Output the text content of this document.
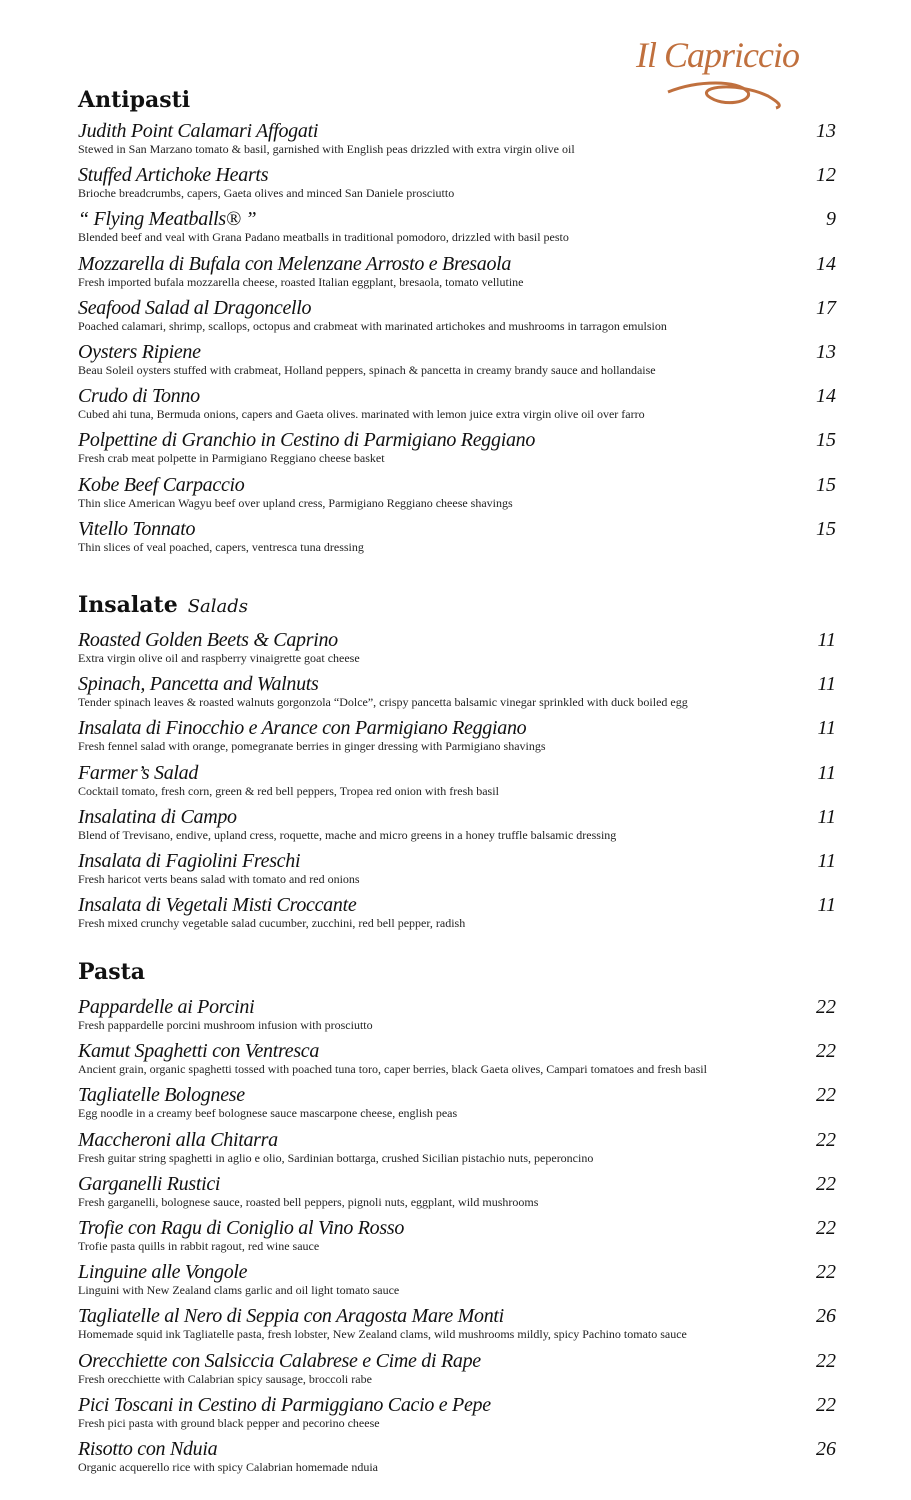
Il Capriccio
Antipasti
Judith Point Calamari Affogati	13
Stewed in San Marzano tomato & basil, garnished with English peas drizzled with extra virgin olive oil
Stuffed Artichoke Hearts	12
Brioche breadcrumbs, capers, Gaeta olives and minced San Daniele prosciutto
“ Flying Meatballs® ”	9
Blended beef and veal with Grana Padano meatballs in traditional pomodoro, drizzled with basil pesto
Mozzarella di Bufala con Melenzane Arrosto e Bresaola	14
Fresh imported bufala mozzarella cheese, roasted Italian eggplant, bresaola, tomato vellutine
Seafood Salad al Dragoncello	17
Poached calamari, shrimp, scallops, octopus and crabmeat with marinated artichokes and mushrooms in tarragon emulsion
Oysters Ripiene	13
Beau Soleil oysters stuffed with crabmeat, Holland peppers, spinach & pancetta in creamy brandy sauce and hollandaise
Crudo di Tonno	14
Cubed ahi tuna, Bermuda onions, capers and Gaeta olives. marinated with lemon juice extra virgin olive oil over farro
Polpettine di Granchio in Cestino di Parmigiano Reggiano	15
Fresh crab meat polpette in Parmigiano Reggiano cheese basket
Kobe Beef Carpaccio	15
Thin slice American Wagyu beef over upland cress, Parmigiano Reggiano cheese shavings
Vitello Tonnato	15
Thin slices of veal poached, capers, ventresca tuna dressing
Insalate Salads
Roasted Golden Beets & Caprino	11
Extra virgin olive oil and raspberry vinaigrette goat cheese
Spinach, Pancetta and Walnuts	11
Tender spinach leaves & roasted walnuts gorgonzola “Dolce”, crispy pancetta balsamic vinegar sprinkled with duck boiled egg
Insalata di Finocchio e Arance con Parmigiano Reggiano	11
Fresh fennel salad with orange, pomegranate berries in ginger dressing with Parmigiano shavings
Farmer’s Salad	11
Cocktail tomato, fresh corn, green & red bell peppers, Tropea red onion with fresh basil
Insalatina di Campo	11
Blend of Trevisano, endive, upland cress, roquette, mache and micro greens in a honey truffle balsamic dressing
Insalata di Fagiolini Freschi	11
Fresh haricot verts beans salad with tomato and red onions
Insalata di Vegetali Misti Croccante	11
Fresh mixed crunchy vegetable salad cucumber, zucchini, red bell pepper, radish
Pasta
Pappardelle ai Porcini	22
Fresh pappardelle porcini mushroom infusion with prosciutto
Kamut Spaghetti con Ventresca	22
Ancient grain, organic spaghetti tossed with poached tuna toro, caper berries, black Gaeta olives, Campari tomatoes and fresh basil
Tagliatelle Bolognese	22
Egg noodle in a creamy beef bolognese sauce mascarpone cheese, english peas
Maccheroni alla Chitarra	22
Fresh guitar string spaghetti in aglio e olio, Sardinian bottarga, crushed Sicilian pistachio nuts, peperoncino
Garganelli Rustici	22
Fresh garganelli, bolognese sauce, roasted bell peppers, pignoli nuts, eggplant, wild mushrooms
Trofie con Ragu di Coniglio al Vino Rosso	22
Trofie pasta quills in rabbit ragout, red wine sauce
Linguine alle Vongole	22
Linguini with New Zealand clams garlic and oil light tomato sauce
Tagliatelle al Nero di Seppia con Aragosta Mare Monti	26
Homemade squid ink Tagliatelle pasta, fresh lobster, New Zealand clams, wild mushrooms mildly, spicy Pachino tomato sauce
Orecchiette con Salsiccia Calabrese e Cime di Rape	22
Fresh orecchiette with Calabrian spicy sausage, broccoli rabe
Pici Toscani in Cestino di Parmiggiano Cacio e Pepe	22
Fresh pici pasta with ground black pepper and pecorino cheese
Risotto con Nduia	26
Organic acquerello rice with spicy Calabrian homemade nduia
